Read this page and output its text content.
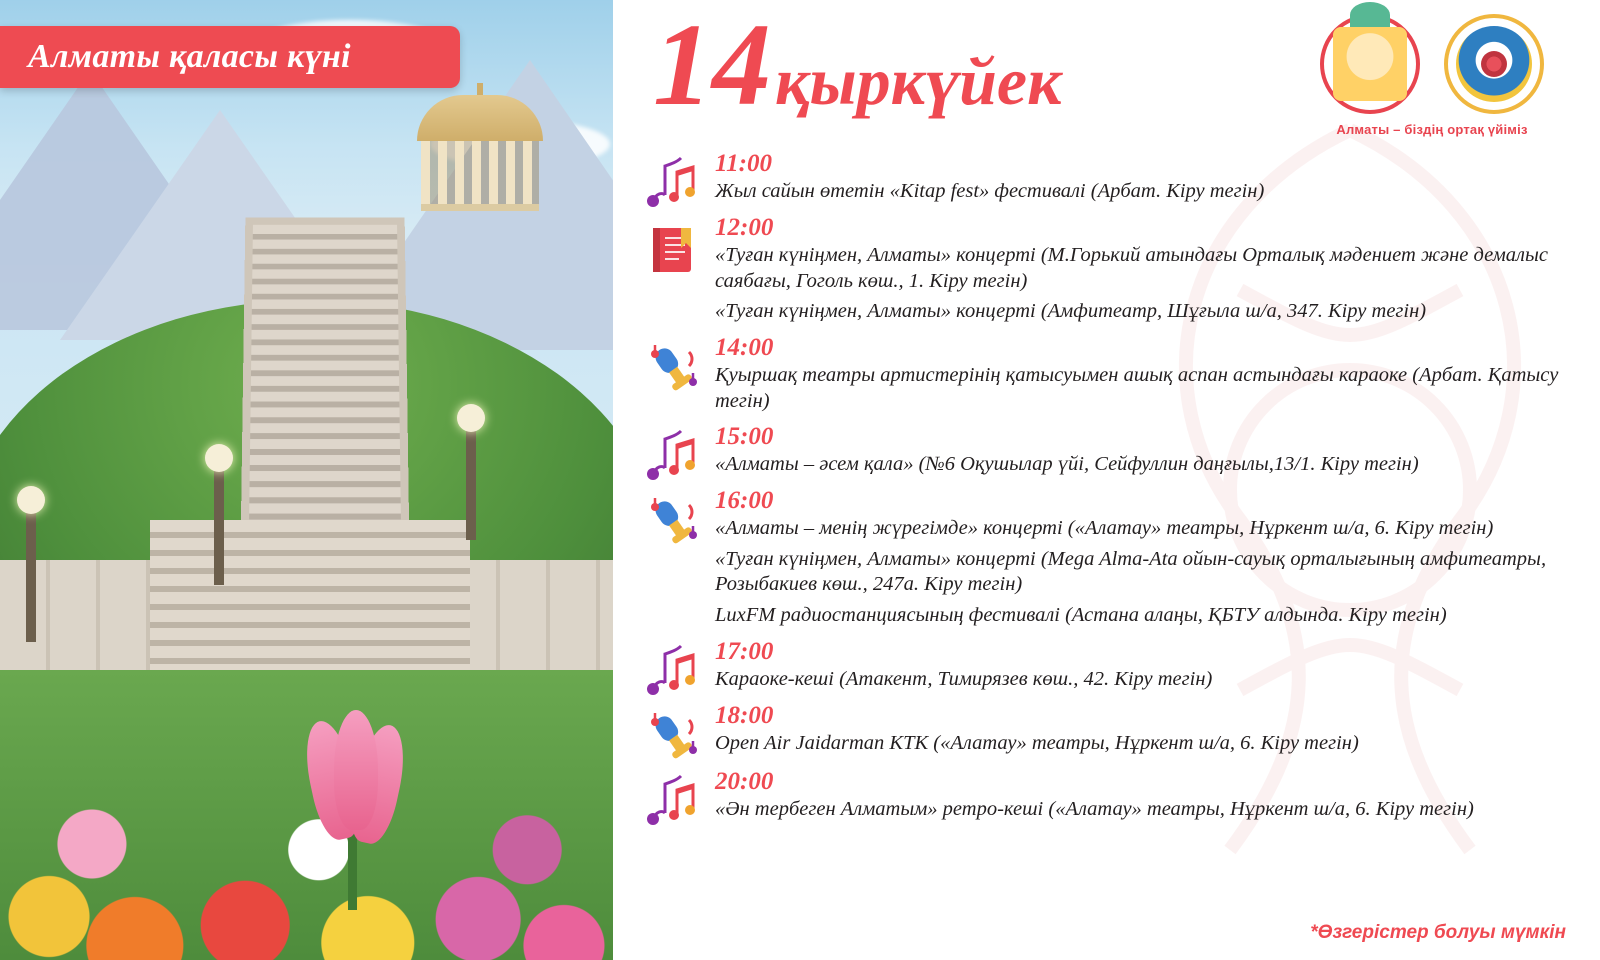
Алматы қаласы күні	14 қыркүйек
Алматы – біздің ортақ үйіміз
11:00
Жыл сайын өтетін «Kitap fest» фестивалі (Арбат. Кіру тегін)
12:00
«Туған күніңмен, Алматы» концерті (М.Горький атындағы Орталық мәдениет және демалыс саябағы, Гоголь көш., 1. Кіру тегін)
«Туған күніңмен, Алматы» концерті (Амфитеатр, Шұғыла ш/а, 347. Кіру тегін)
14:00
Қуыршақ театры артистерінің қатысуымен ашық аспан астындағы караоке (Арбат. Қатысу тегін)
15:00
«Алматы – әсем қала» (№6 Оқушылар үйі, Сейфуллин даңғылы,13/1. Кіру тегін)
16:00
«Алматы – менің жүрегімде» концерті («Алатау» театры, Нұркент ш/а, 6. Кіру тегін)
«Туған күніңмен, Алматы» концерті (Mega Alma-Ata ойын-сауық орталығының амфитеатры, Розыбакиев көш., 247а. Кіру тегін)
LuxFM радиостанциясының фестивалі (Астана алаңы, ҚБТУ алдында. Кіру тегін)
17:00
Караоке-кеші (Атакент, Тимирязев көш., 42. Кіру тегін)
18:00
Open Air Jaidarman KTK («Алатау» театры, Нұркент ш/а, 6. Кіру тегін)
20:00
«Ән тербеген Алматым» ретро-кеші («Алатау» театры, Нұркент ш/а, 6. Кіру тегін)
*Өзгерістер болуы мүмкін
